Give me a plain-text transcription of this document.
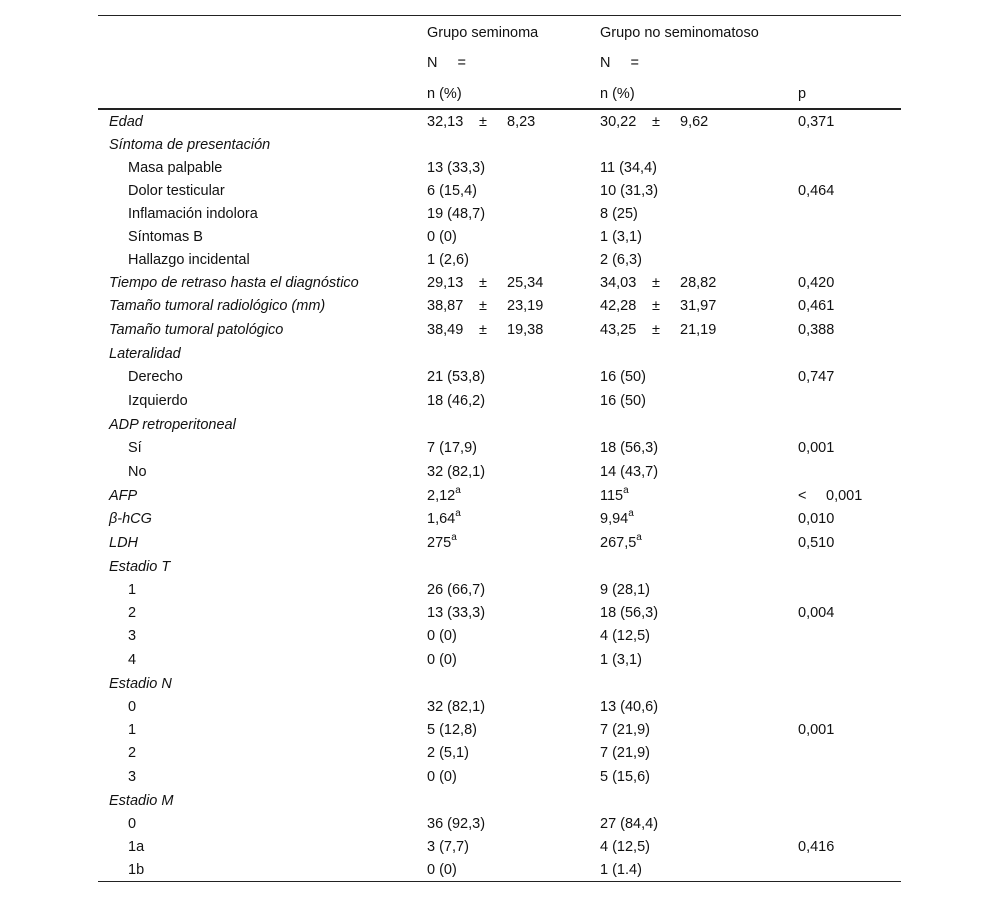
	Grupo seminoma	Grupo no seminomatoso	
	N =	N =	
	n (%)	n (%)	p
Edad	32,13 ± 8,23	30,22 ± 9,62	0,371
Síntoma de presentación			
Masa palpable	13 (33,3)	11 (34,4)	
Dolor testicular	6 (15,4)	10 (31,3)	0,464
Inflamación indolora	19 (48,7)	8 (25)	
Síntomas B	0 (0)	1 (3,1)	
Hallazgo incidental	1 (2,6)	2 (6,3)	
Tiempo de retraso hasta el diagnóstico	29,13 ± 25,34	34,03 ± 28,82	0,420
Tamaño tumoral radiológico (mm)	38,87 ± 23,19	42,28 ± 31,97	0,461
Tamaño tumoral patológico	38,49 ± 19,38	43,25 ± 21,19	0,388
Lateralidad			
Derecho	21 (53,8)	16 (50)	0,747
Izquierdo	18 (46,2)	16 (50)	
ADP retroperitoneal			
Sí	7 (17,9)	18 (56,3)	0,001
No	32 (82,1)	14 (43,7)	
AFP	2,12$^a$	$115^a$	< 0,001
β-hCG	1,64$^a$	9,94$^a$	0,010
LDH	275$^a$	267,5$^a$	0,510
Estadio T			
1	26 (66,7)	9 (28,1)	
2	13 (33,3)	18 (56,3)	0,004
3	0 (0)	4 (12,5)	
4	0 (0)	1 (3,1)	
Estadio N			
0	32 (82,1)	13 (40,6)	
1	5 (12,8)	7 (21,9)	0,001
2	2 (5,1)	7 (21,9)	
3	0 (0)	5 (15,6)	
Estadio M			
0	36 (92,3)	27 (84,4)	
1a	3 (7,7)	4 (12,5)	0,416
1b	0 (0)	1 (1.4)	
